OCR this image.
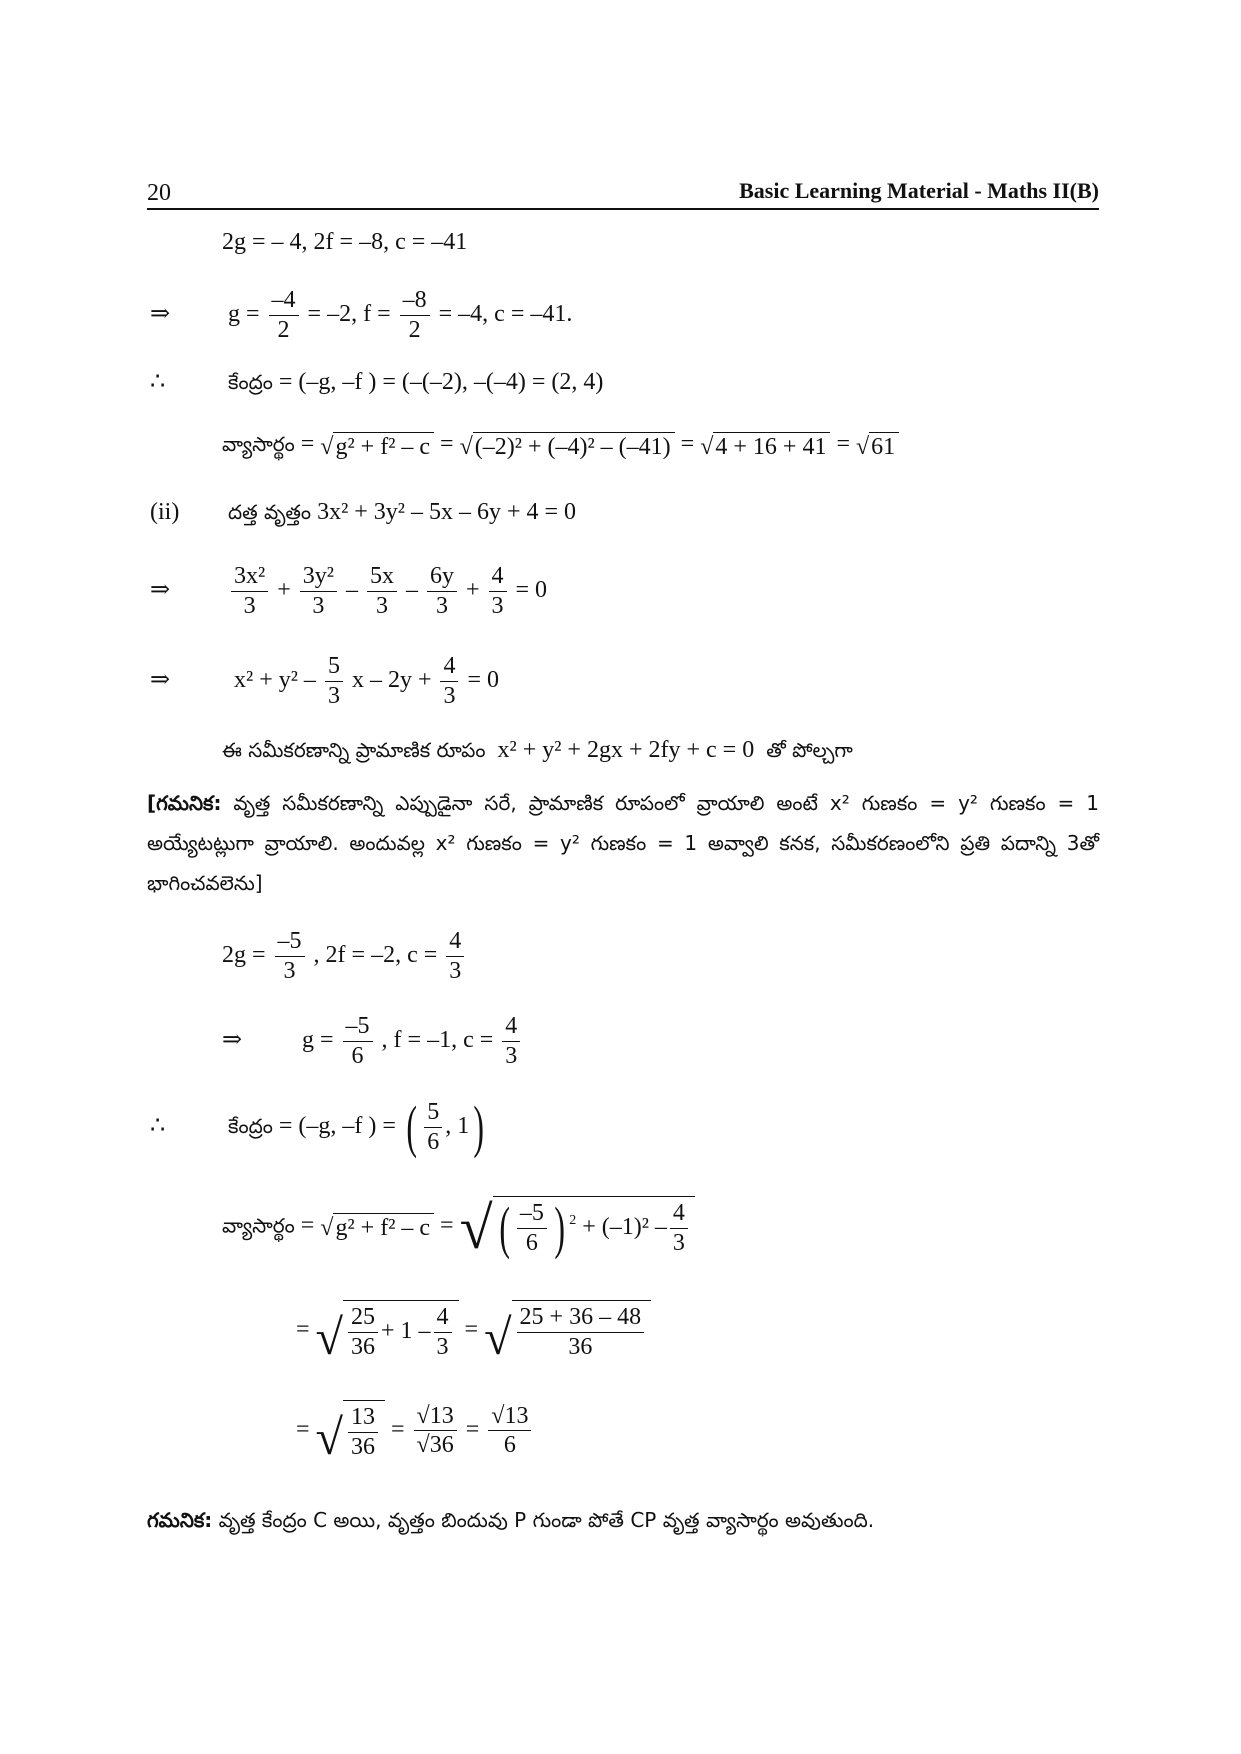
20	Basic Learning Material - Maths II(B)
2g = – 4, 2f = –8, c = –41
⇒ $g = \frac{-4}{2} = -2$, $f = \frac{-8}{2} = -4$, c = –41.
∴	కేంద్రం = (–g, –f ) = (–(–2), –(–4) = (2, 4)
వ్యాసార్థం = √g² + f² – c = √(–2)² + (–4)² – (–41) = √4 + 16 + 41 = √61
(ii) దత్త వృత్తం 3x² + 3y² – 5x – 6y + 4 = 0
⇒	$\frac{\text{3x²}}{3} + \frac{\text{3y²}}{3} - \frac{5x}{3} - \frac{6y}{3} + \frac{4}{3} = 0$
⇒	$x^2 + y^2 - \frac{5}{3}$ $x - 2y + \frac{4}{3} = 0$
ఈ సమీకరణాన్ని ప్రామాణిక రూపం x² + y² + 2gx + 2fy + c = 0 తో పోల్చగా
[గమనిక: వృత్త సమీకరణాన్ని ఎప్పుడైనా సరే, ప్రామాణిక రూపంలో వ్రాయాలి అంటే x² గుణకం = y² గుణకం = 1 అయ్యేటట్లుగా వ్రాయాలి. అందువల్ల x² గుణకం = y² గుణకం = 1 అవ్వాలి కనక, సమీకరణంలోని ప్రతి పదాన్ని 3తో భాగించవలెను]
$2g = \frac{-5}{3}$ , 2f = –2, $c = \frac{4}{3}$
⇒ $g = \frac{-5}{6}$ , f = –1, $c = \frac{4}{3}$
∴	కేంద్రం = (–g, –f ) = ( $\frac{5}{6}$ , 1)
వ్యాసార్థం = √g² + f² – c = √ ( $\frac{-5}{6}$ ) $^2 + (-1)^2 - \frac{4}{3}$
= √ $\frac{25}{36} + 1 - \frac{4}{3}$ = √ $\frac{25 + 36 - 48}{36}$
= √ $\frac{13}{36} = \frac{√13}{√36} = \frac{√13}{6}$
గమనిక: వృత్త కేంద్రం C అయి, వృత్తం బిందువు P గుండా పోతే CP వృత్త వ్యాసార్థం అవుతుంది.
